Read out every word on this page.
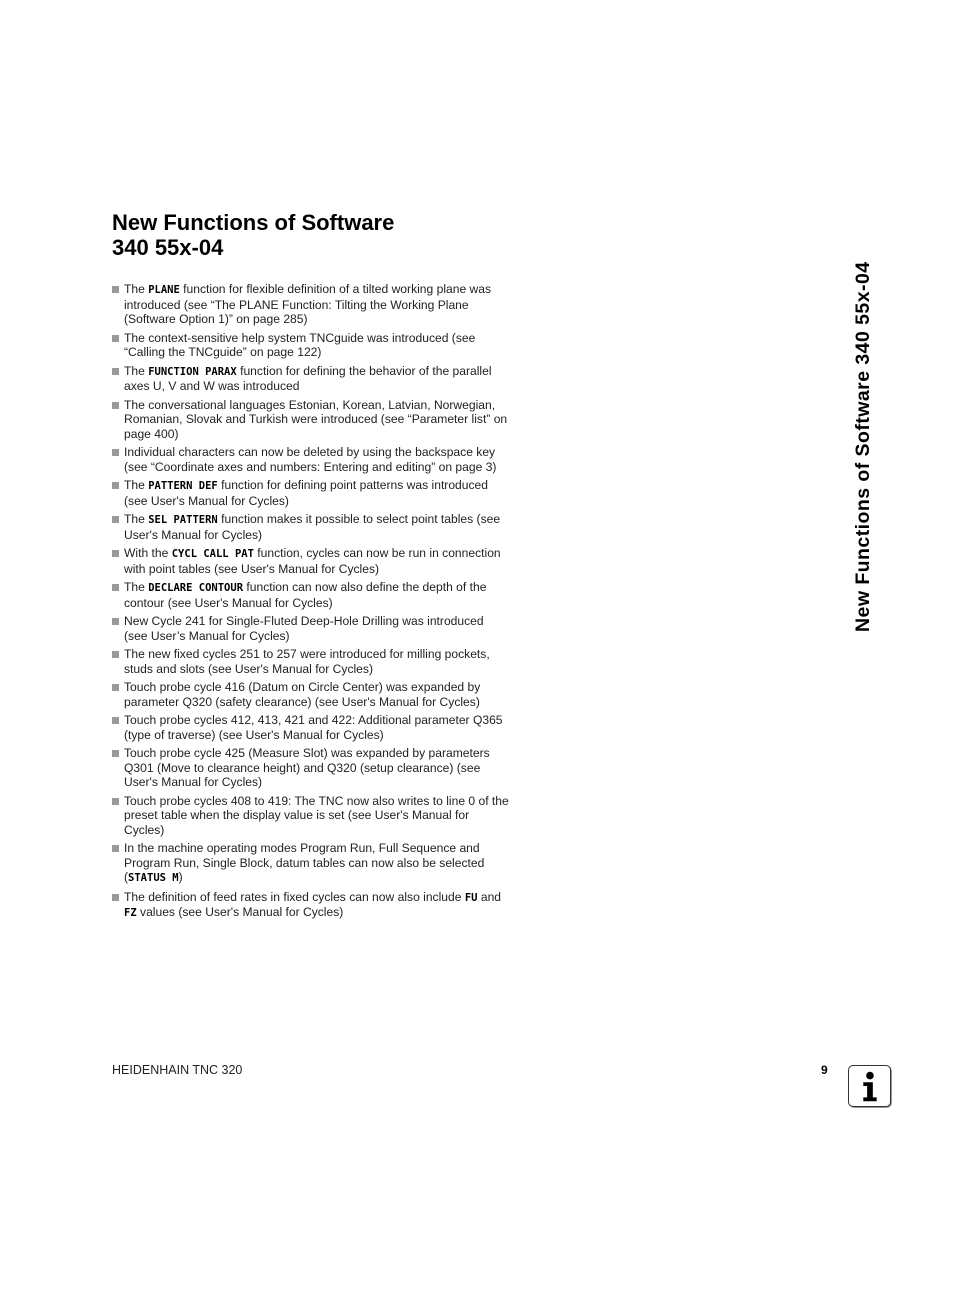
New Functions of Software
340 55x-04
The PLANE function for flexible definition of a tilted working plane was introduced (see “The PLANE Function: Tilting the Working Plane (Software Option 1)” on page 285)
The context-sensitive help system TNCguide was introduced (see “Calling the TNCguide” on page 122)
The FUNCTION PARAX function for defining the behavior of the parallel axes U, V and W was introduced
The conversational languages Estonian, Korean, Latvian, Norwegian, Romanian, Slovak and Turkish were introduced (see “Parameter list” on page 400)
Individual characters can now be deleted by using the backspace key (see “Coordinate axes and numbers: Entering and editing” on page 3)
The PATTERN DEF function for defining point patterns was introduced (see User's Manual for Cycles)
The SEL PATTERN function makes it possible to select point tables (see User's Manual for Cycles)
With the CYCL CALL PAT function, cycles can now be run in connection with point tables (see User's Manual for Cycles)
The DECLARE CONTOUR function can now also define the depth of the contour (see User's Manual for Cycles)
New Cycle 241 for Single-Fluted Deep-Hole Drilling was introduced (see User’s Manual for Cycles)
The new fixed cycles 251 to 257 were introduced for milling pockets, studs and slots (see User's Manual for Cycles)
Touch probe cycle 416 (Datum on Circle Center) was expanded by parameter Q320 (safety clearance) (see User's Manual for Cycles)
Touch probe cycles 412, 413, 421 and 422: Additional parameter Q365 (type of traverse) (see User's Manual for Cycles)
Touch probe cycle 425 (Measure Slot) was expanded by parameters Q301 (Move to clearance height) and Q320 (setup clearance) (see User's Manual for Cycles)
Touch probe cycles 408 to 419: The TNC now also writes to line 0 of the preset table when the display value is set (see User's Manual for Cycles)
In the machine operating modes Program Run, Full Sequence and Program Run, Single Block, datum tables can now also be selected (STATUS M)
The definition of feed rates in fixed cycles can now also include FU and FZ values (see User's Manual for Cycles)
New Functions of Software 340 55x-04
HEIDENHAIN TNC 320	9
